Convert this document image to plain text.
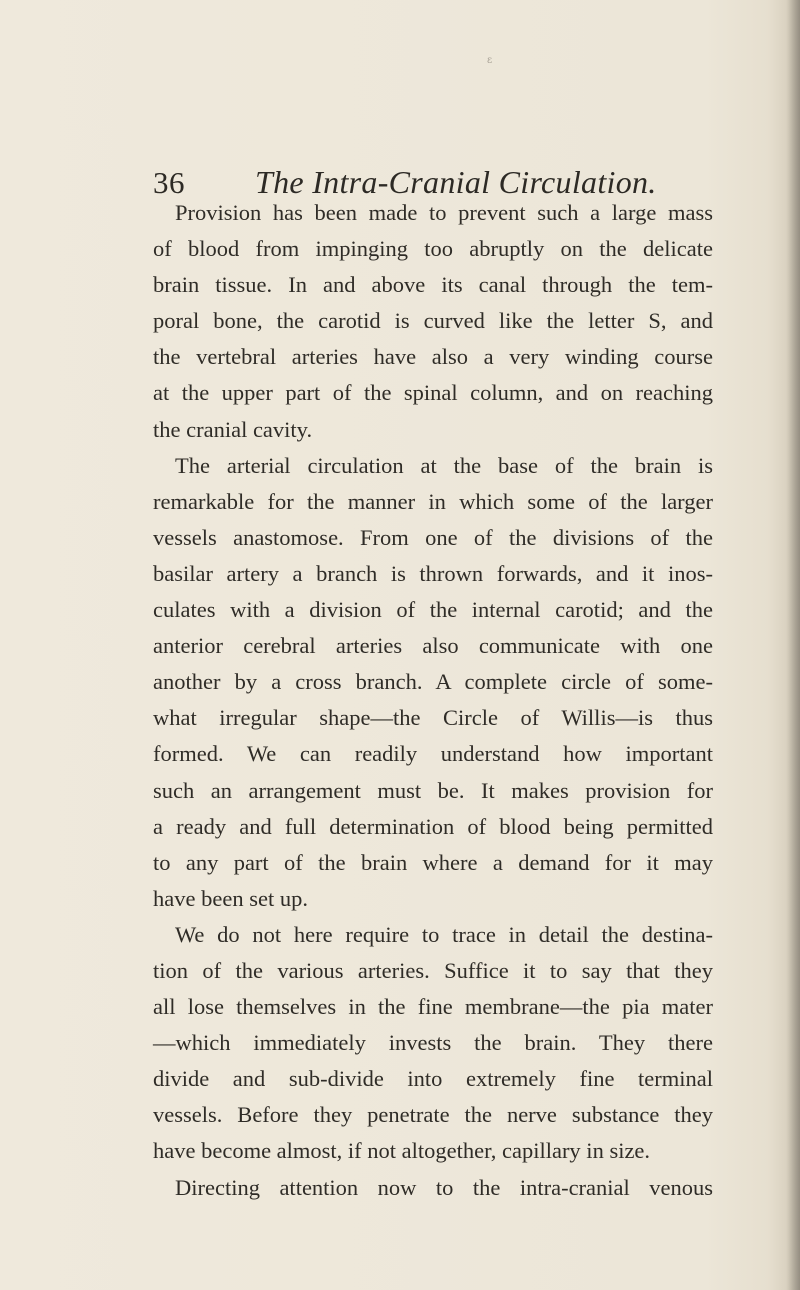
ε
36	The Intra-Cranial Circulation.
Provision has been made to prevent such a large mass
of blood from impinging too abruptly on the delicate
brain tissue. In and above its canal through the tem-
poral bone, the carotid is curved like the letter S, and
the vertebral arteries have also a very winding course
at the upper part of the spinal column, and on reaching
the cranial cavity.
The arterial circulation at the base of the brain is
remarkable for the manner in which some of the larger
vessels anastomose. From one of the divisions of the
basilar artery a branch is thrown forwards, and it inos-
culates with a division of the internal carotid; and the
anterior cerebral arteries also communicate with one
another by a cross branch. A complete circle of some-
what irregular shape—the Circle of Willis—is thus
formed. We can readily understand how important
such an arrangement must be. It makes provision for
a ready and full determination of blood being permitted
to any part of the brain where a demand for it may
have been set up.
We do not here require to trace in detail the destina-
tion of the various arteries. Suffice it to say that they
all lose themselves in the fine membrane—the pia mater
—which immediately invests the brain. They there
divide and sub-divide into extremely fine terminal
vessels. Before they penetrate the nerve substance they
have become almost, if not altogether, capillary in size.
Directing attention now to the intra-cranial venous
